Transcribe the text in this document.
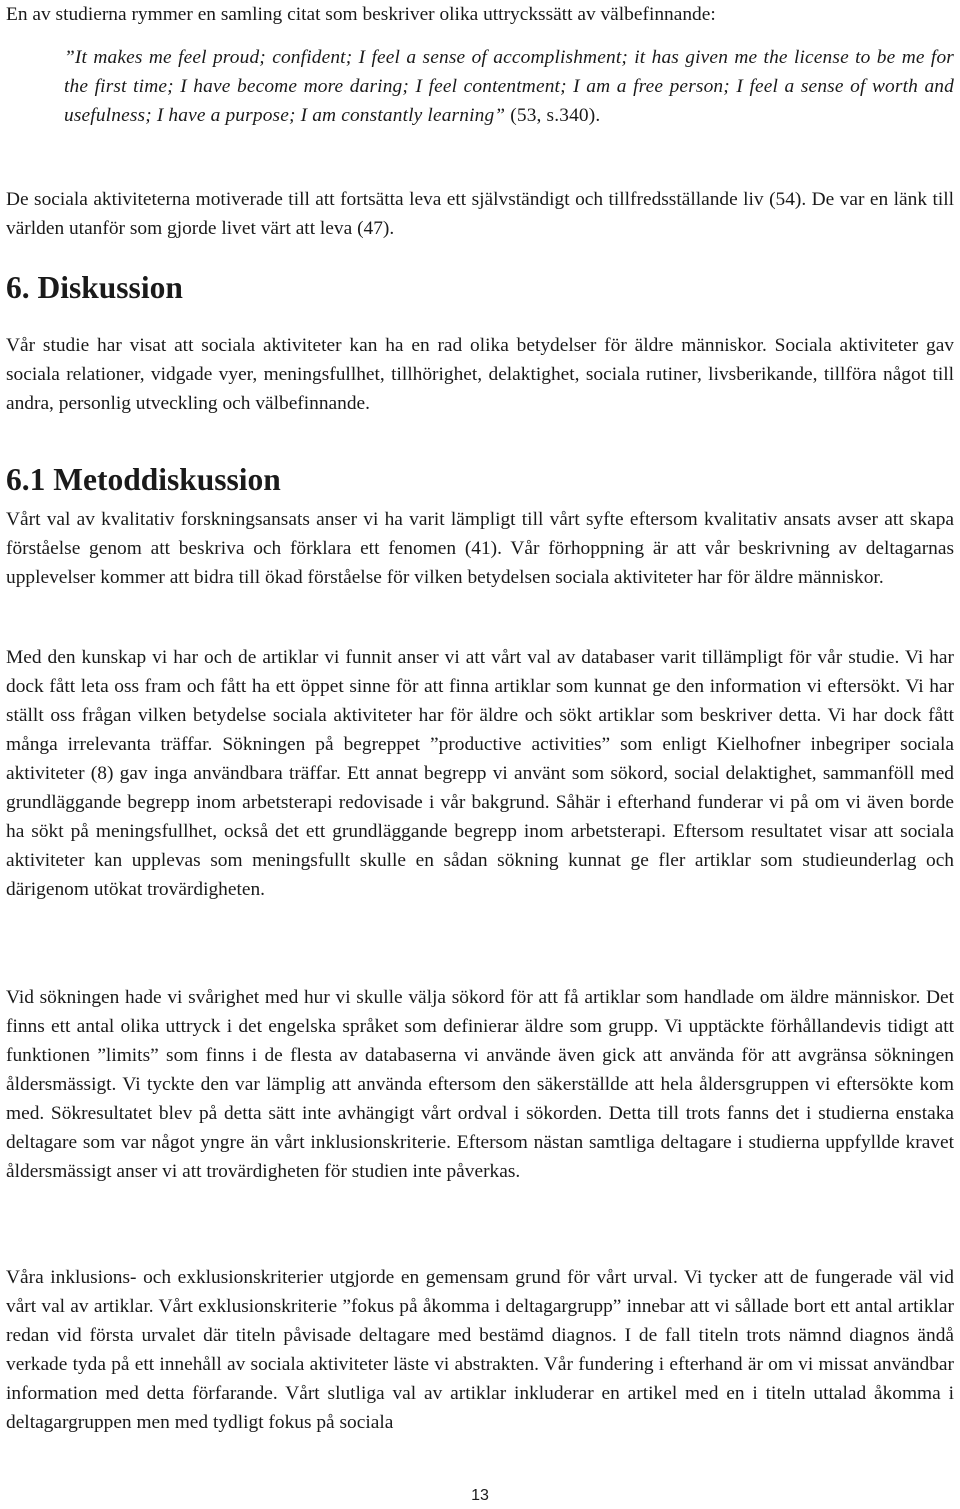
En av studierna rymmer en samling citat som beskriver olika uttryckssätt av välbefinnande:

”It makes me feel proud; confident; I feel a sense of accomplishment; it has given me the license to be me for the first time; I have become more daring; I feel contentment; I am a free person; I feel a sense of worth and usefulness; I have a purpose; I am constantly learning” (53, s.340).

De sociala aktiviteterna motiverade till att fortsätta leva ett självständigt och tillfredsställande liv (54). De var en länk till världen utanför som gjorde livet värt att leva (47).

6. Diskussion

Vår studie har visat att sociala aktiviteter kan ha en rad olika betydelser för äldre människor. Sociala aktiviteter gav sociala relationer, vidgade vyer, meningsfullhet, tillhörighet, delaktighet, sociala rutiner, livsberikande, tillföra något till andra, personlig utveckling och välbefinnande.

6.1 Metoddiskussion

Vårt val av kvalitativ forskningsansats anser vi ha varit lämpligt till vårt syfte eftersom kvalitativ ansats avser att skapa förståelse genom att beskriva och förklara ett fenomen (41). Vår förhoppning är att vår beskrivning av deltagarnas upplevelser kommer att bidra till ökad förståelse för vilken betydelsen sociala aktiviteter har för äldre människor.

Med den kunskap vi har och de artiklar vi funnit anser vi att vårt val av databaser varit tillämpligt för vår studie. Vi har dock fått leta oss fram och fått ha ett öppet sinne för att finna artiklar som kunnat ge den information vi eftersökt. Vi har ställt oss frågan vilken betydelse sociala aktiviteter har för äldre och sökt artiklar som beskriver detta. Vi har dock fått många irrelevanta träffar. Sökningen på begreppet ”productive activities” som enligt Kielhofner inbegriper sociala aktiviteter (8) gav inga användbara träffar. Ett annat begrepp vi använt som sökord, social delaktighet, sammanföll med grundläggande begrepp inom arbetsterapi redovisade i vår bakgrund. Såhär i efterhand funderar vi på om vi även borde ha sökt på meningsfullhet, också det ett grundläggande begrepp inom arbetsterapi. Eftersom resultatet visar att sociala aktiviteter kan upplevas som meningsfullt skulle en sådan sökning kunnat ge fler artiklar som studieunderlag och därigenom utökat trovärdigheten.

Vid sökningen hade vi svårighet med hur vi skulle välja sökord för att få artiklar som handlade om äldre människor. Det finns ett antal olika uttryck i det engelska språket som definierar äldre som grupp. Vi upptäckte förhållandevis tidigt att funktionen ”limits” som finns i de flesta av databaserna vi använde även gick att använda för att avgränsa sökningen åldersmässigt. Vi tyckte den var lämplig att använda eftersom den säkerställde att hela åldersgruppen vi eftersökte kom med. Sökresultatet blev på detta sätt inte avhängigt vårt ordval i sökorden. Detta till trots fanns det i studierna enstaka deltagare som var något yngre än vårt inklusionskriterie. Eftersom nästan samtliga deltagare i studierna uppfyllde kravet åldersmässigt anser vi att trovärdigheten för studien inte påverkas.

Våra inklusions- och exklusionskriterier utgjorde en gemensam grund för vårt urval. Vi tycker att de fungerade väl vid vårt val av artiklar. Vårt exklusionskriterie ”fokus på åkomma i deltagargrupp” innebar att vi sållade bort ett antal artiklar redan vid första urvalet där titeln påvisade deltagare med bestämd diagnos. I de fall titeln trots nämnd diagnos ändå verkade tyda på ett innehåll av sociala aktiviteter läste vi abstrakten. Vår fundering i efterhand är om vi missat användbar information med detta förfarande. Vårt slutliga val av artiklar inkluderar en artikel med en i titeln uttalad åkomma i deltagargruppen men med tydligt fokus på sociala

13
